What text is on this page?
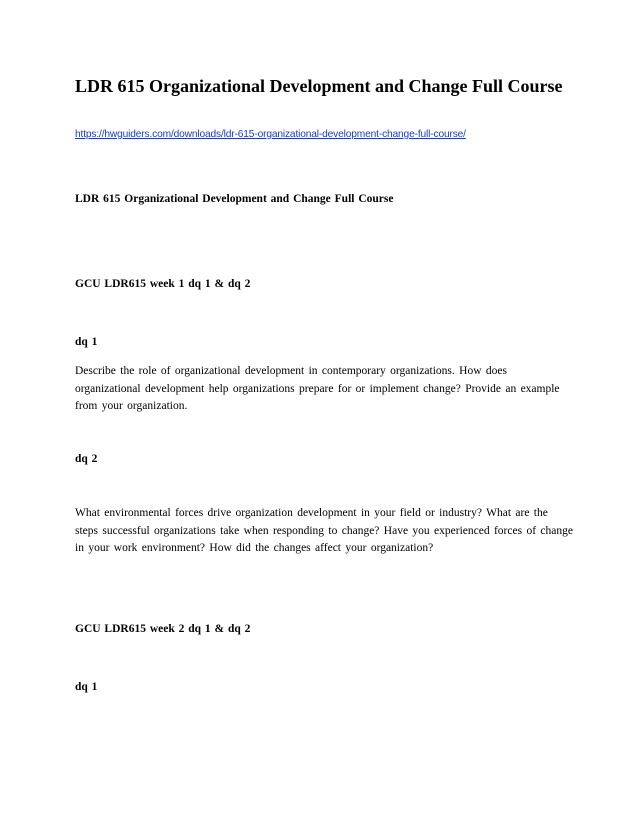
LDR 615 Organizational Development and Change Full Course
https://hwguiders.com/downloads/ldr-615-organizational-development-change-full-course/
LDR 615 Organizational Development and Change Full Course
GCU LDR615 week 1 dq 1 & dq 2
dq 1

Describe the role of organizational development in contemporary organizations. How does organizational development help organizations prepare for or implement change? Provide an example from your organization.

dq 2

What environmental forces drive organization development in your field or industry? What are the steps successful organizations take when responding to change? Have you experienced forces of change in your work environment? How did the changes affect your organization?

GCU LDR615 week 2 dq 1 & dq 2
dq 1
